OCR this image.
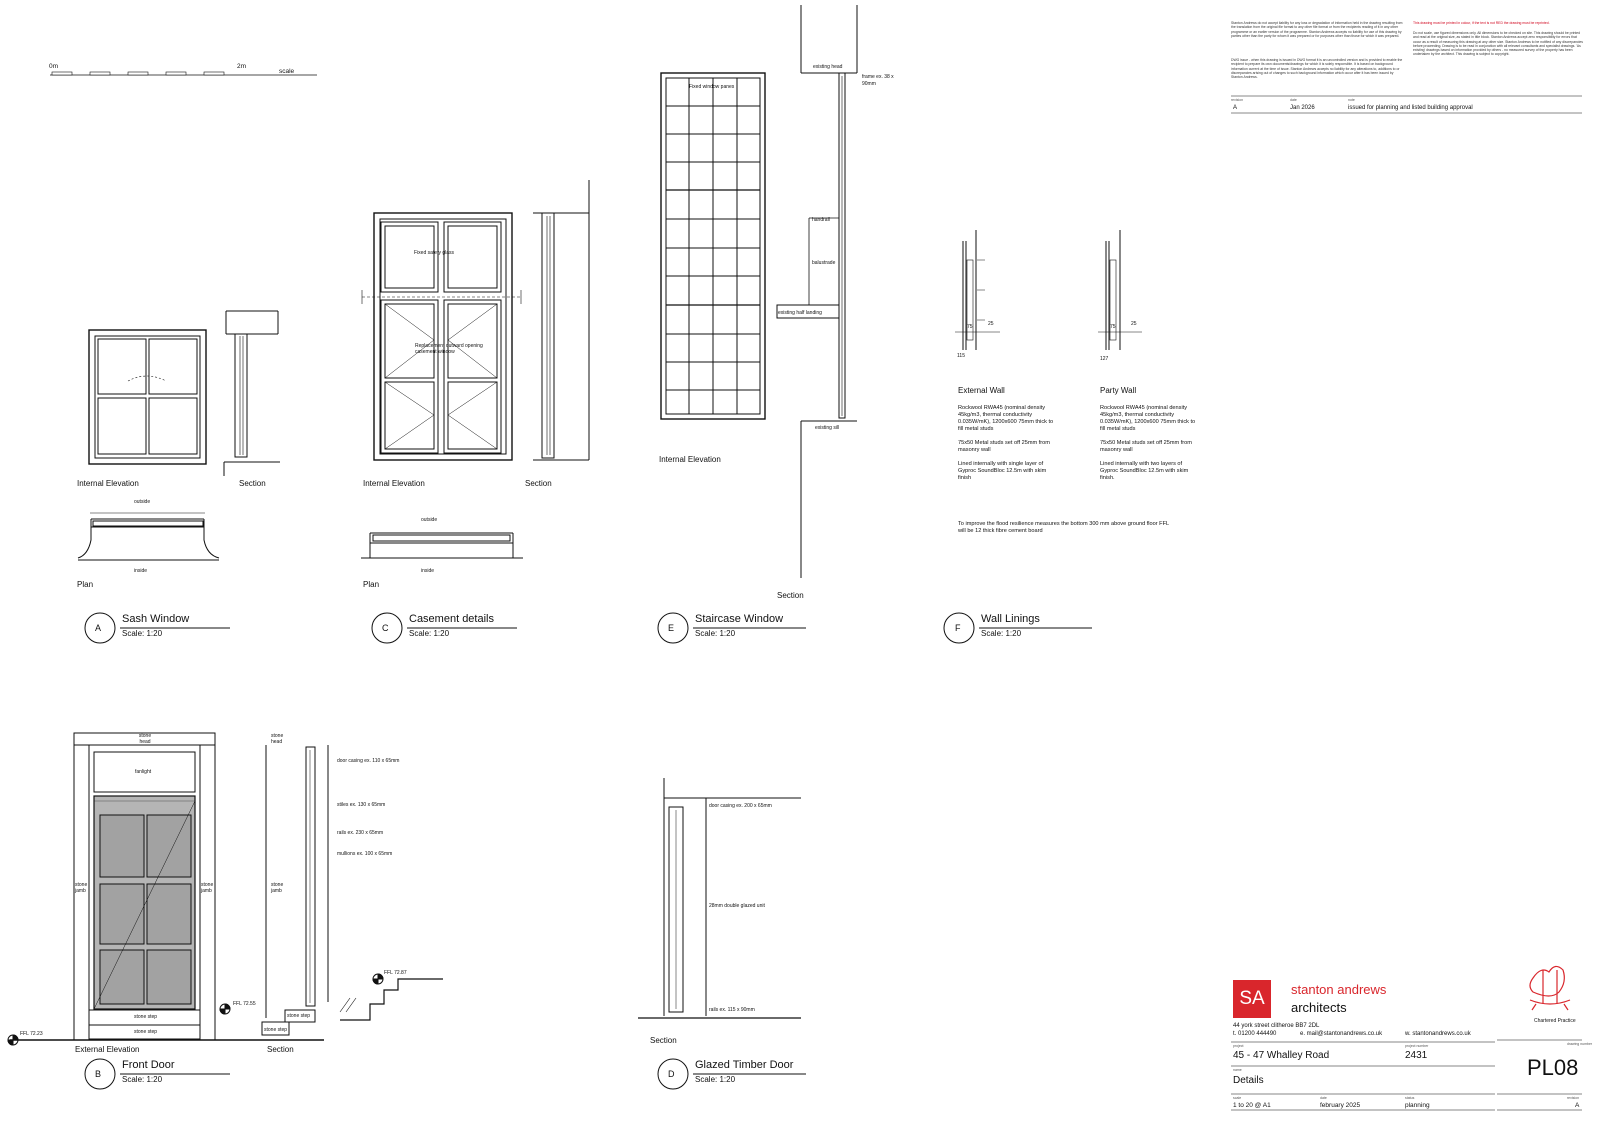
0m	2m
scale
Internal Elevation	Section
outside
inside
Plan
Fixed safety glass
Replacement outward opening casement window
Internal Elevation	Section
outside
inside
Plan
Fixed window panes
Internal Elevation
existing head
frame ex. 38 x 90mm
handrail
balustrade
existing half landing
existing sill
Section
75	25
115
75	25
127
External Wall
Rockwool RWA45 (nominal density 45kg/m3, thermal conductivity 0.035W/mK), 1200x600 75mm thick to fill metal studs
75x50 Metal studs set off 25mm from masonry wall
Lined internally with single layer of Gyproc SoundBloc 12.5m with skim finish
Party Wall
Rockwool RWA45 (nominal density 45kg/m3, thermal conductivity 0.035W/mK), 1200x600 75mm thick to fill metal studs
75x50 Metal studs set off 25mm from masonry wall
Lined internally with two layers of Gyproc SoundBloc 12.5m with skim finish.
To improve the flood resilience measures the bottom 300 mm above ground floor FFL will be 12 thick fibre cement board
stone head
fanlight
stone jamb
stone jamb
stone step
stone step
External Elevation
stone head
stone jamb
stone step
stone step
Section
FFL 72.23
FFL 72.55
FFL 72.87
door casing ex. 110 x 65mm
stiles ex. 130 x 65mm
rails ex. 230 x 65mm
mullions ex. 100 x 65mm
door casing ex. 200 x 65mm
28mm double glazed unit
rails ex. 115 x 90mm
Section
A
Sash Window
Scale: 1:20
C
Casement details
Scale: 1:20
E
Staircase Window
Scale: 1:20
F
Wall Linings
Scale: 1:20
B
Front Door
Scale: 1:20
D
Glazed Timber Door
Scale: 1:20
Stanton Andrews do not accept liability for any loss or degradation of information held in the drawing resulting from the translation from the original file format to any other file format or from the recipients reading of it in any other programme or an earlier version of the programme. Stanton Andrews accepts no liability for use of this drawing by parties other than the party for whom it was prepared or for purposes other than those for which it was prepared.
DWG issue - when this drawing is issued in DWG format it is an uncontrolled version and is provided to enable the recipient to prepare its own documents/drawings for which it is solely responsible. It is based on background information current at the time of issue. Stanton Andrews accepts no liability for any alterations to, additions to or discrepancies arising out of changes to such background information which occur after it has been issued by Stanton Andrews.
This drawing must be printed in colour, if the text is not RED the drawing must be reprinted.
Do not scale, use figured dimensions only. All dimensions to be checked on site. This drawing should be printed and read at the original size, as stated in title block. Stanton Andrews accept zero responsibility for errors that occur as a result of measuring this drawing at any other size. Stanton Andrews to be notified of any discrepancies before proceeding. Drawing is to be read in conjunction with all relevant consultants and specialist drawings. 'As existing' drawings based on information provided by others - no measured survey of the property has been undertaken by the architect. This drawing is subject to copyright.
revision	date	note
A	Jan 2026	issued for planning and listed building approval
SA	stanton andrews
architects
44 york street clitheroe BB7 2DL
t. 01200 444490	e. mail@stantonandrews.co.uk	w. stantonandrews.co.uk
Chartered Practice
project
45 - 47 Whalley Road
project number
2431
drawing number
PL08
name
Details
scale
1 to 20 @ A1
date
february 2025
status
planning
revision
A
